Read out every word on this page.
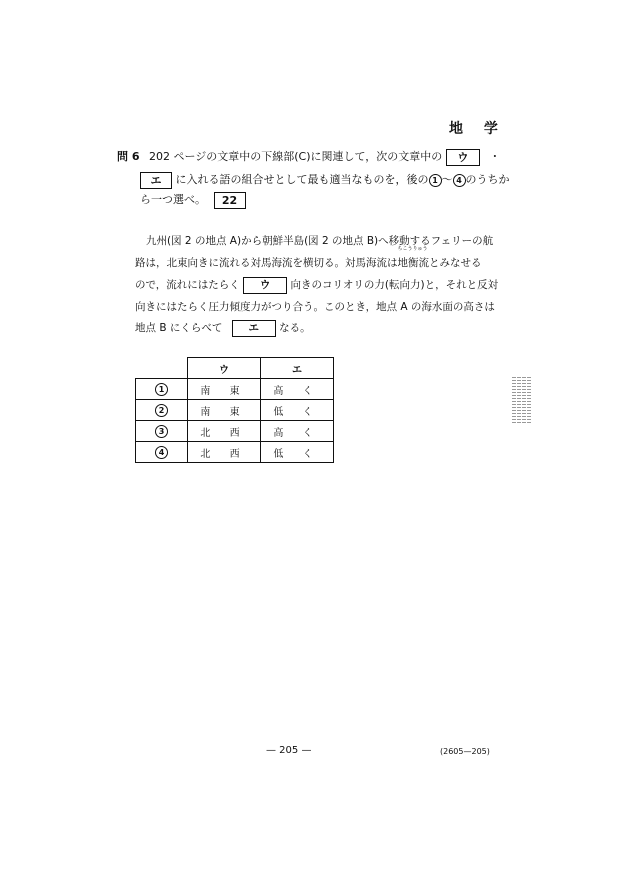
地 学
問 6 202 ページの文章中の下線部(C)に関連して，次の文章中の ウ ・
エ に入れる語の組合せとして最も適当なものを，後の 1 ～ 4 のうちか
ら一つ選べ。 22
九州(図 2 の地点 A)から朝鮮半島(図 2 の地点 B)へ移動するフェリーの航
路は，北東向きに流れる対馬海流を横切る。対馬海流は
ちこうりゅう
地衡流とみなせる
ので，流れにはたらく ウ 向きのコリオリの力(転向力)と，それと反対
向きにはたらく圧力傾度力がつり合う。このとき，地点 A の海水面の高さは
地点 B にくらべて エ なる。
	ウ	エ
1	南 東	高 く
2	南 東	低 く
3	北 西	高 く
4	北 西	低 く
— 205 —	(2605—205)
